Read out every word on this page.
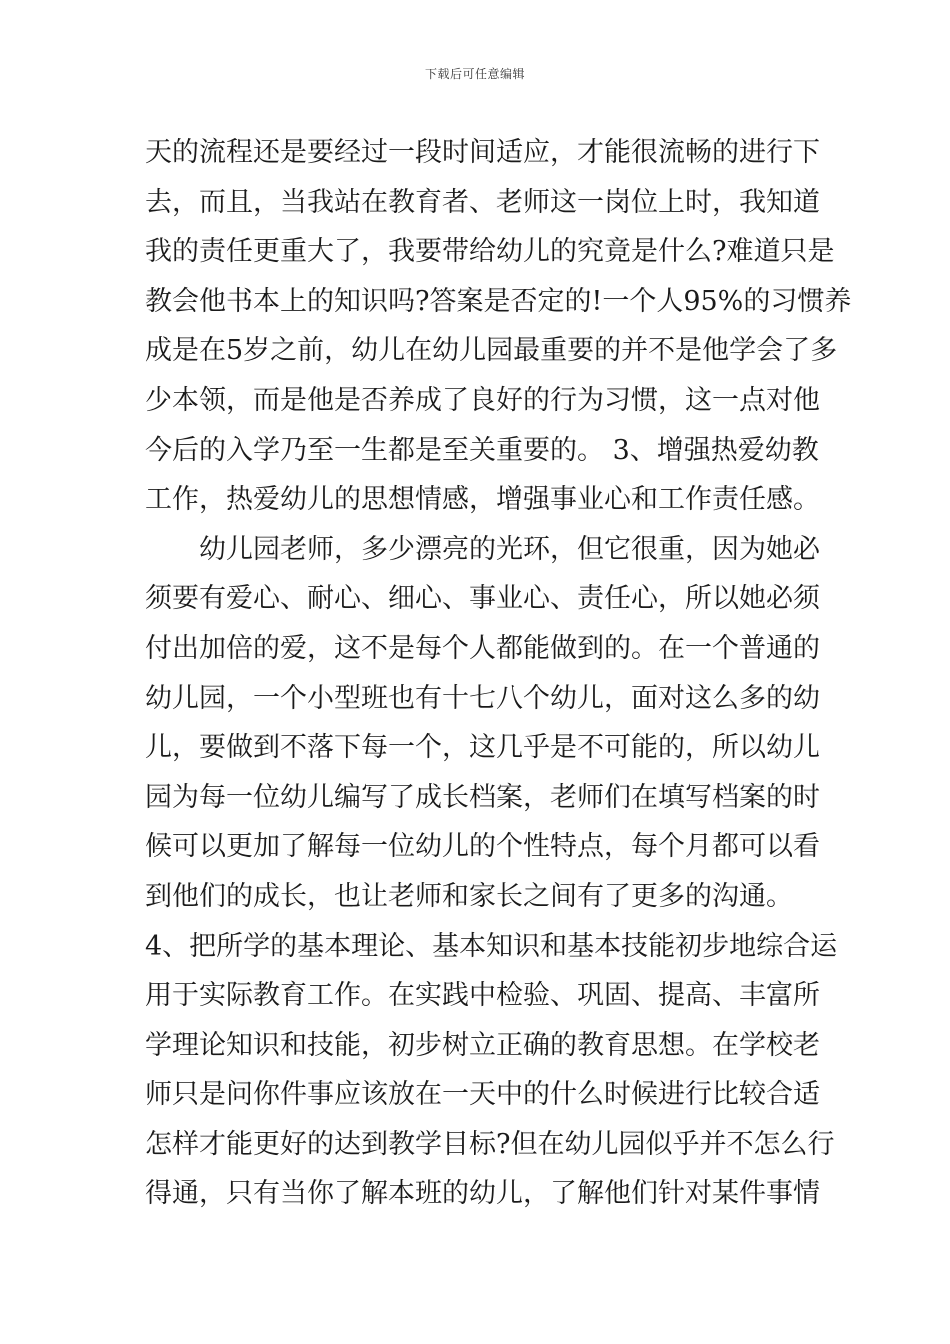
下载后可任意编辑
天的流程还是要经过一段时间适应，才能很流畅的进行下
去，而且，当我站在教育者、老师这一岗位上时，我知道
我的责任更重大了，我要带给幼儿的究竟是什么?难道只是
教会他书本上的知识吗?答案是否定的!一个人95%的习惯养
成是在5岁之前，幼儿在幼儿园最重要的并不是他学会了多
少本领，而是他是否养成了良好的行为习惯，这一点对他
今后的入学乃至一生都是至关重要的。 3、增强热爱幼教
工作，热爱幼儿的思想情感，增强事业心和工作责任感。
幼儿园老师，多少漂亮的光环，但它很重，因为她必
须要有爱心、耐心、细心、事业心、责任心，所以她必须
付出加倍的爱，这不是每个人都能做到的。在一个普通的
幼儿园，一个小型班也有十七八个幼儿，面对这么多的幼
儿，要做到不落下每一个，这几乎是不可能的，所以幼儿
园为每一位幼儿编写了成长档案，老师们在填写档案的时
候可以更加了解每一位幼儿的个性特点，每个月都可以看
到他们的成长，也让老师和家长之间有了更多的沟通。
4、把所学的基本理论、基本知识和基本技能初步地综合运
用于实际教育工作。在实践中检验、巩固、提高、丰富所
学理论知识和技能，初步树立正确的教育思想。在学校老
师只是问你件事应该放在一天中的什么时候进行比较合适
怎样才能更好的达到教学目标?但在幼儿园似乎并不怎么行
得通，只有当你了解本班的幼儿，了解他们针对某件事情
